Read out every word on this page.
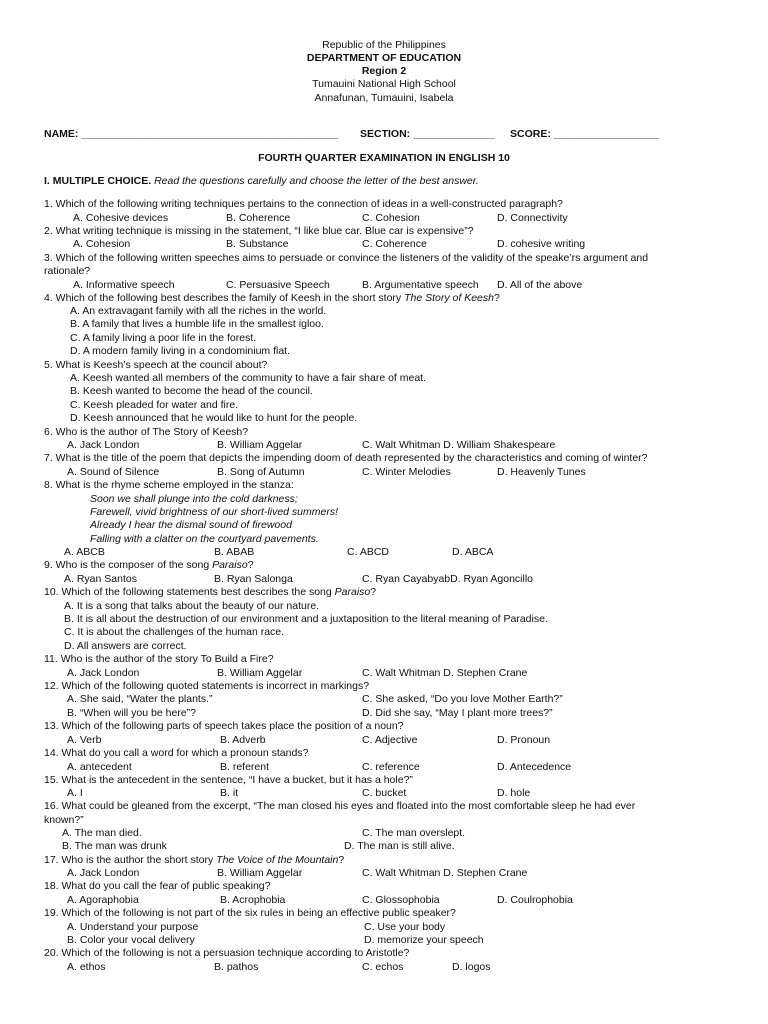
Republic of the Philippines
DEPARTMENT OF EDUCATION
Region 2
Tumauini National High School
Annafunan, Tumauini, Isabela
NAME: ____________________________________________ SECTION: ______________ SCORE: __________________
FOURTH QUARTER EXAMINATION IN ENGLISH 10
I. MULTIPLE CHOICE. Read the questions carefully and choose the letter of the best answer.
1. Which of the following writing techniques pertains to the connection of ideas in a well-constructed paragraph?
A. Cohesive devices	B. Coherence	C. Cohesion	D. Connectivity
2. What writing technique is missing in the statement, “I like blue car. Blue car is expensive”?
A. Cohesion	B. Substance	C. Coherence	D. cohesive writing
3. Which of the following written speeches aims to persuade or convince the listeners of the validity of the speake’rs argument and
rationale?
A. Informative speech	C. Persuasive Speech	B. Argumentative speech D. All of the above
4. Which of the following best describes the family of Keesh in the short story The Story of Keesh?
A. An extravagant family with all the riches in the world.
B. A family that lives a humble life in the smallest igloo.
C. A family living a poor life in the forest.
D. A modern family living in a condominium flat.
5. What is Keesh’s speech at the council about?
A. Keesh wanted all members of the community to have a fair share of meat.
B. Keesh wanted to become the head of the council.
C. Keesh pleaded for water and fire.
D. Keesh announced that he would like to hunt for the people.
6. Who is the author of The Story of Keesh?
A. Jack London	B. William Aggelar	C. Walt Whitman D. William Shakespeare
7. What is the title of the poem that depicts the impending doom of death represented by the characteristics and coming of winter?
A. Sound of Silence	B. Song of Autumn	C. Winter Melodies	D. Heavenly Tunes
8. What is the rhyme scheme employed in the stanza:
Soon we shall plunge into the cold darkness;
Farewell, vivid brightness of our short-lived summers!
Already I hear the dismal sound of firewood
Falling with a clatter on the courtyard pavements.
A. ABCB	B. ABAB	C. ABCD	D. ABCA
9. Who is the composer of the song Paraiso?
A. Ryan Santos	B. Ryan Salonga	C. Ryan CayabyabD. Ryan Agoncillo
10. Which of the following statements best describes the song Paraiso?
A. It is a song that talks about the beauty of our nature.
B. It is all about the destruction of our environment and a juxtaposition to the literal meaning of Paradise.
C. It is about the challenges of the human race.
D. All answers are correct.
11. Who is the author of the story To Build a Fire?
A. Jack London	B. William Aggelar	C. Walt Whitman D. Stephen Crane
12. Which of the following quoted statements is incorrect in markings?
A. She said, “Water the plants.”	C. She asked, “Do you love Mother Earth?”
B. “When will you be here”?	D. Did she say, “May I plant more trees?”
13. Which of the following parts of speech takes place the position of a noun?
A. Verb	B. Adverb	C. Adjective	D. Pronoun
14. What do you call a word for which a pronoun stands?
A. antecedent	B. referent	C. reference	D. Antecedence
15. What is the antecedent in the sentence, “I have a bucket, but it has a hole?”
A. I	B. it	C. bucket	D. hole
16. What could be gleaned from the excerpt, “The man closed his eyes and floated into the most comfortable sleep he had ever
known?”
A. The man died.	C. The man overslept.
B. The man was drunk	D. The man is still alive.
17. Who is the author the short story The Voice of the Mountain?
A. Jack London	B. William Aggelar	C. Walt Whitman D. Stephen Crane
18. What do you call the fear of public speaking?
A. Agoraphobia	B. Acrophobia	C. Glossophobia	D. Coulrophobia
19. Which of the following is not part of the six rules in being an effective public speaker?
A. Understand your purpose	C. Use your body
B. Color your vocal delivery	D. memorize your speech
20. Which of the following is not a persuasion technique according to Aristotle?
A. ethos	B. pathos	C. echos	D. logos
